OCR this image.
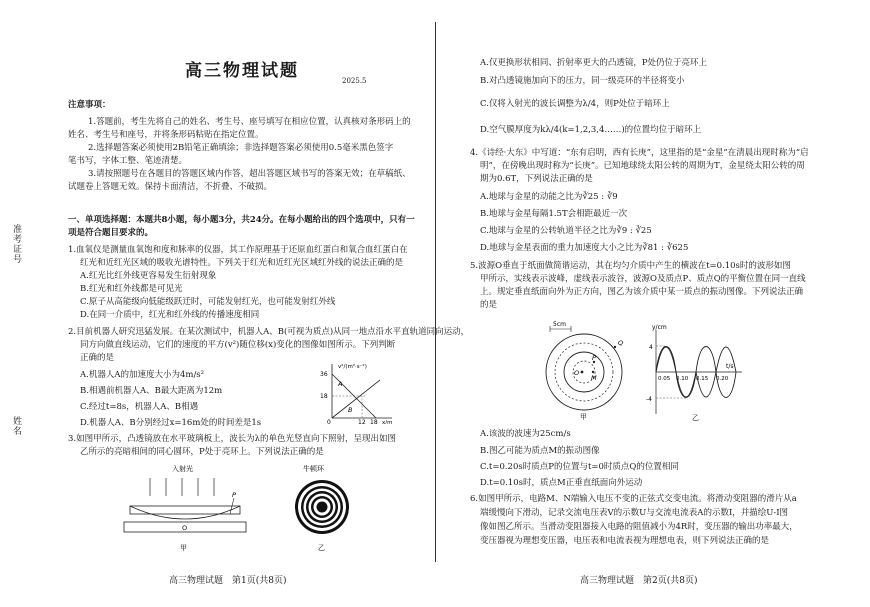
高三物理试题	2025.5
注意事项：
1.答题前，考生先将自己的姓名、考生号、座号填写在相应位置，认真核对条形码上的
姓名、考生号和座号，并将条形码粘贴在指定位置。
2.选择题答案必须使用2B铅笔正确填涂；非选择题答案必须使用0.5毫米黑色签字
笔书写，字体工整、笔迹清楚。
3.请按照题号在各题目的答题区域内作答，超出答题区域书写的答案无效；在草稿纸、
试题卷上答题无效。保持卡面清洁，不折叠、不破损。
一、单项选择题：本题共8小题，每小题3分，共24分。在每小题给出的四个选项中，只有一
项是符合题目要求的。
1.血氧仪是测量血氧饱和度和脉率的仪器，其工作原理基于还原血红蛋白和氧合血红蛋白在
红光和近红光区域的吸收光谱特性。下列关于红光和近红光区域红外线的说法正确的是
A.红光比红外线更容易发生衍射现象
B.红光和红外线都是可见光
C.原子从高能级向低能级跃迁时，可能发射红光，也可能发射红外线
D.在同一介质中，红光和红外线的传播速度相同
2.目前机器人研究迅猛发展。在某次测试中，机器人A、B(可视为质点)从同一地点沿水平直轨道同向运动，
同方向做直线运动，它们的速度的平方(v²)随位移(x)变化的图像如图所示。下列判断
正确的是
A.机器人A的加速度大小为4m/s²
B.相遇前机器人A、B最大距离为12m
C.经过t=8s，机器人A、B相遇
D.机器人A、B分别经过x=16m处的时间差是1s
v²/(m²·s⁻²)
36
18
0	12 18 x/m
A
B
3.如图甲所示，凸透镜放在水平玻璃板上，波长为λ的单色光竖直向下照射，呈现出如图
乙所示的亮暗相间的同心圆环，P处于亮环上。下列说法正确的是
入射光
P
O
甲
牛顿环
乙
准考证号
姓名
高三物理试题　第1页(共8页)
A.仅更换形状相同、折射率更大的凸透镜，P处仍位于亮环上
B.对凸透镜施加向下的压力，同一级亮环的半径将变小
C.仅将入射光的波长调整为λ/4，则P处位于暗环上
D.空气膜厚度为kλ/4(k=1,2,3,4……)的位置均位于暗环上
4.《诗经·大东》中写道：“东有启明，西有长庚”，这里指的是“金星”在清晨出现时称为“启
明”，在傍晚出现时称为“长庚”。已知地球绕太阳公转的周期为T，金星绕太阳公转的周
期为0.6T，下列说法正确的是
A.地球与金星的动能之比为∛25 : ∛9
B.地球与金星每隔1.5T会相距最近一次
C.地球与金星的公转轨道半径之比为∛9 : ∛25
D.地球与金星表面的重力加速度大小之比为∛81 : ∛625
5.波源O垂直于纸面做简谐运动，其在均匀介质中产生的横波在t=0.10s时的波形如图
甲所示，实线表示波峰，虚线表示波谷，波源O及质点P、质点Q的平衡位置在同一直线
上。规定垂直纸面向外为正方向，图乙为该介质中某一质点的振动图像。下列说法正确
的是
5cm
O
M
P
Q
甲
y/cm
4
-4
0.05 0.10 0.15 0.20
t/s
乙
A.该波的波速为25cm/s
B.图乙可能为质点M的振动图像
C.t=0.20s时质点P的位置与t=0时质点Q的位置相同
D.t=0.10s时，质点M正垂直纸面向外运动
6.如图甲所示，电路M、N端输入电压不变的正弦式交变电流。将滑动变阻器的滑片从a
端缓慢向下滑动，记录交流电压表V的示数U与交流电流表A的示数I，并描绘U-I图
像如图乙所示。当滑动变阻器接入电路的阻值减小为4R时，变压器的输出功率最大，
变压器视为理想变压器，电压表和电流表视为理想电表，则下列说法正确的是
高三物理试题　第2页(共8页)
